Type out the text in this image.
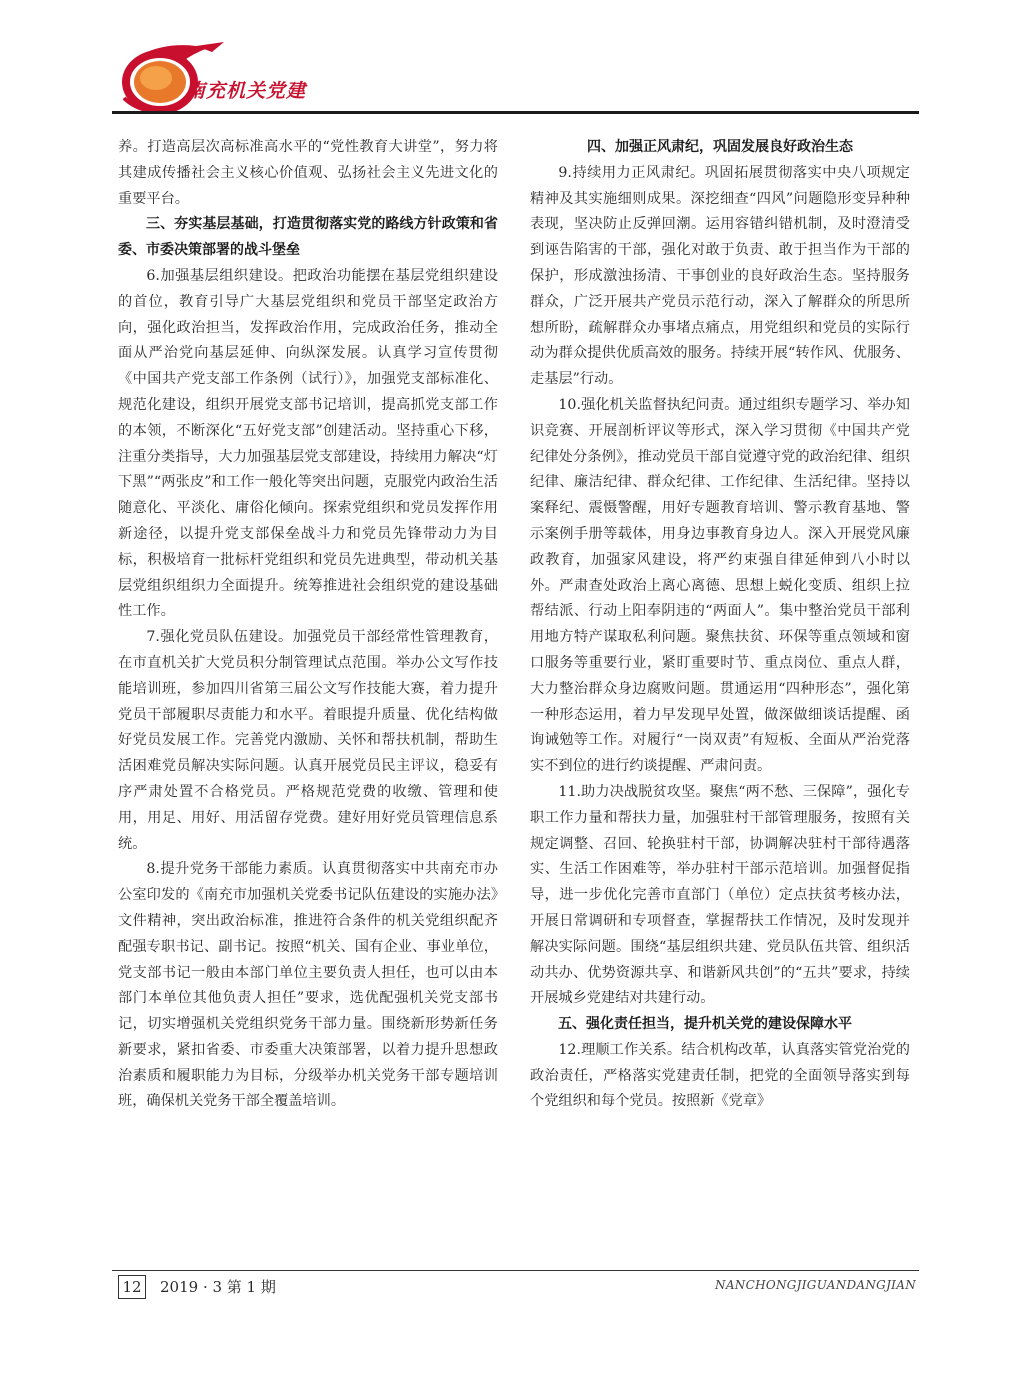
南充机关党建

养。打造高层次高标准高水平的“党性教育大讲堂”，努力将其建成传播社会主义核心价值观、弘扬社会主义先进文化的重要平台。

三、夯实基层基础，打造贯彻落实党的路线方针政策和省委、市委决策部署的战斗堡垒

6.加强基层组织建设。把政治功能摆在基层党组织建设的首位，教育引导广大基层党组织和党员干部坚定政治方向，强化政治担当，发挥政治作用，完成政治任务，推动全面从严治党向基层延伸、向纵深发展。认真学习宣传贯彻《中国共产党支部工作条例（试行）》，加强党支部标准化、规范化建设，组织开展党支部书记培训，提高抓党支部工作的本领，不断深化“五好党支部”创建活动。坚持重心下移，注重分类指导，大力加强基层党支部建设，持续用力解决“灯下黑”“两张皮”和工作一般化等突出问题，克服党内政治生活随意化、平淡化、庸俗化倾向。探索党组织和党员发挥作用新途径，以提升党支部保垒战斗力和党员先锋带动力为目标，积极培育一批标杆党组织和党员先进典型，带动机关基层党组织组织力全面提升。统筹推进社会组织党的建设基础性工作。

7.强化党员队伍建设。加强党员干部经常性管理教育，在市直机关扩大党员积分制管理试点范围。举办公文写作技能培训班，参加四川省第三届公文写作技能大赛，着力提升党员干部履职尽责能力和水平。着眼提升质量、优化结构做好党员发展工作。完善党内激励、关怀和帮扶机制，帮助生活困难党员解决实际问题。认真开展党员民主评议，稳妥有序严肃处置不合格党员。严格规范党费的收缴、管理和使用，用足、用好、用活留存党费。建好用好党员管理信息系统。

8.提升党务干部能力素质。认真贯彻落实中共南充市办公室印发的《南充市加强机关党委书记队伍建设的实施办法》文件精神，突出政治标准，推进符合条件的机关党组织配齐配强专职书记、副书记。按照“机关、国有企业、事业单位，党支部书记一般由本部门单位主要负责人担任，也可以由本部门本单位其他负责人担任”要求，选优配强机关党支部书记，切实增强机关党组织党务干部力量。围绕新形势新任务新要求，紧扣省委、市委重大决策部署，以着力提升思想政治素质和履职能力为目标，分级举办机关党务干部专题培训班，确保机关党务干部全覆盖培训。

四、加强正风肃纪，巩固发展良好政治生态

9.持续用力正风肃纪。巩固拓展贯彻落实中央八项规定精神及其实施细则成果。深挖细查“四风”问题隐形变异种种表现，坚决防止反弹回潮。运用容错纠错机制，及时澄清受到诬告陷害的干部，强化对敢于负责、敢于担当作为干部的保护，形成激浊扬清、干事创业的良好政治生态。坚持服务群众，广泛开展共产党员示范行动，深入了解群众的所思所想所盼，疏解群众办事堵点痛点，用党组织和党员的实际行动为群众提供优质高效的服务。持续开展“转作风、优服务、走基层”行动。

10.强化机关监督执纪问责。通过组织专题学习、举办知识竞赛、开展剖析评议等形式，深入学习贯彻《中国共产党纪律处分条例》，推动党员干部自觉遵守党的政治纪律、组织纪律、廉洁纪律、群众纪律、工作纪律、生活纪律。坚持以案释纪、震慑警醒，用好专题教育培训、警示教育基地、警示案例手册等载体，用身边事教育身边人。深入开展党风廉政教育，加强家风建设，将严约束强自律延伸到八小时以外。严肃查处政治上离心离德、思想上蜕化变质、组织上拉帮结派、行动上阳奉阴违的“两面人”。集中整治党员干部利用地方特产谋取私利问题。聚焦扶贫、环保等重点领域和窗口服务等重要行业，紧盯重要时节、重点岗位、重点人群，大力整治群众身边腐败问题。贯通运用“四种形态”，强化第一种形态运用，着力早发现早处置，做深做细谈话提醒、函询诫勉等工作。对履行“一岗双责”有短板、全面从严治党落实不到位的进行约谈提醒、严肃问责。

11.助力决战脱贫攻坚。聚焦“两不愁、三保障”，强化专职工作力量和帮扶力量，加强驻村干部管理服务，按照有关规定调整、召回、轮换驻村干部，协调解决驻村干部待遇落实、生活工作困难等，举办驻村干部示范培训。加强督促指导，进一步优化完善市直部门（单位）定点扶贫考核办法，开展日常调研和专项督查，掌握帮扶工作情况，及时发现并解决实际问题。围绕“基层组织共建、党员队伍共管、组织活动共办、优势资源共享、和谐新风共创”的“五共”要求，持续开展城乡党建结对共建行动。

五、强化责任担当，提升机关党的建设保障水平

12.理顺工作关系。结合机构改革，认真落实管党治党的政治责任，严格落实党建责任制，把党的全面领导落实到每个党组织和每个党员。按照新《党章》

12 2019 · 3 第 1 期	NANCHONGJIGUANDANGJIAN
